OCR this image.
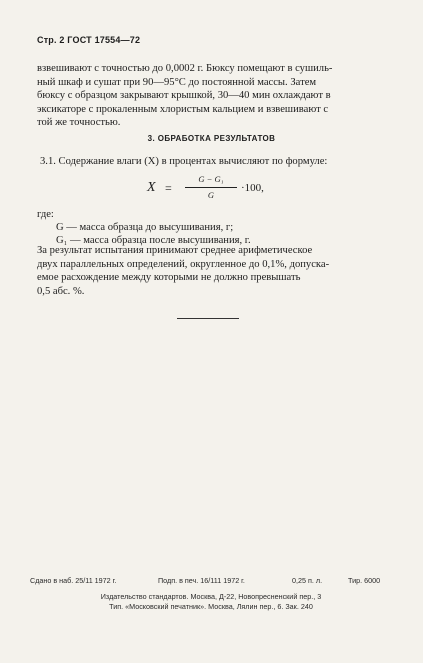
Стр. 2 ГОСТ 17554—72
взвешивают с точностью до 0,0002 г. Бюксу помещают в сушиль-
ный шкаф и сушат при 90—95°С до постоянной массы. Затем
бюксу с образцом закрывают крышкой, 30—40 мин охлаждают в
эксикаторе с прокаленным хлористым кальцием и взвешивают с
той же точностью.
3. ОБРАБОТКА РЕЗУЛЬТАТОВ
3.1. Содержание влаги (X) в процентах вычисляют по формуле:
X =
G − G₁
G
·100,
где:
G — масса образца до высушивания, г;
G₁ — масса образца после высушивания, г.
За результат испытания принимают среднее арифметическое
двух параллельных определений, округленное до 0,1%, допуска-
емое расхождение между которыми не должно превышать
0,5 абс. %.
Сдано в наб. 25/11 1972 г.	Подп. в печ. 16/111 1972 г.	0,25 п. л.	Тир. 6000
Издательство стандартов. Москва, Д-22, Новопресненский пер., 3
Тип. «Московский печатник». Москва, Лялин пер., 6. Зак. 240
